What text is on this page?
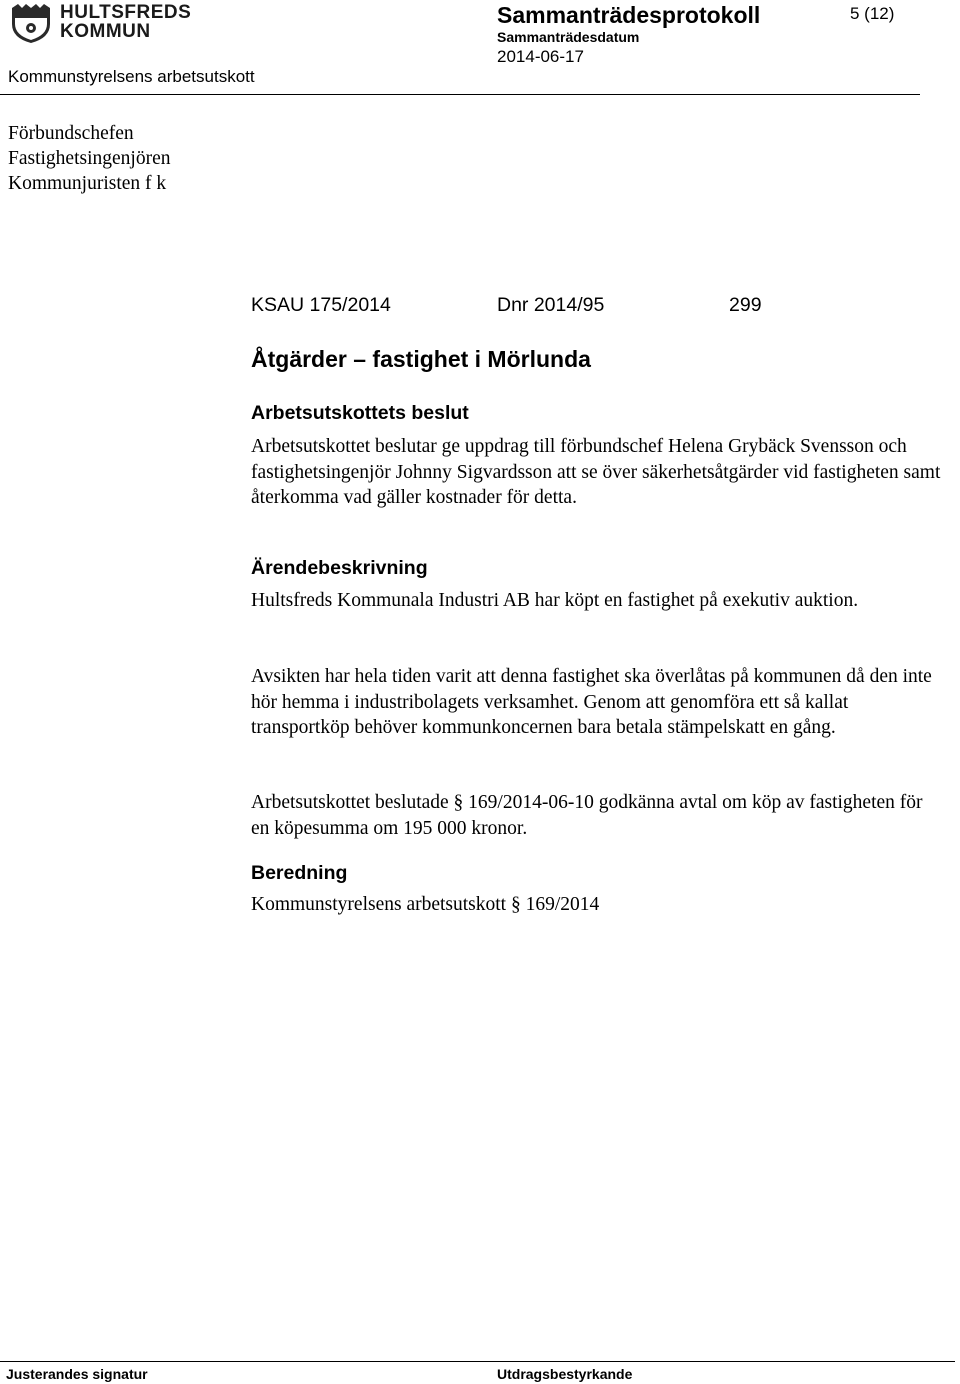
HULTSFREDS
KOMMUN
Sammanträdesprotokoll	5 (12)
Sammanträdesdatum
2014-06-17
Kommunstyrelsens arbetsutskott
Förbundschefen
Fastighetsingenjören
Kommunjuristen f k
KSAU 175/2014	Dnr 2014/95	299
Åtgärder – fastighet i Mörlunda
Arbetsutskottets beslut
Arbetsutskottet beslutar ge uppdrag till förbundschef Helena Grybäck Svensson och fastighetsingenjör Johnny Sigvardsson att se över säkerhetsåtgärder vid fastigheten samt återkomma vad gäller kostnader för detta.
Ärendebeskrivning
Hultsfreds Kommunala Industri AB har köpt en fastighet på exekutiv auktion.
Avsikten har hela tiden varit att denna fastighet ska överlåtas på kommunen då den inte hör hemma i industribolagets verksamhet. Genom att genomföra ett så kallat transportköp behöver kommunkoncernen bara betala stämpelskatt en gång.
Arbetsutskottet beslutade § 169/2014-06-10 godkänna avtal om köp av fastigheten för en köpesumma om 195 000 kronor.
Beredning
Kommunstyrelsens arbetsutskott § 169/2014
Justerandes signatur	Utdragsbestyrkande
